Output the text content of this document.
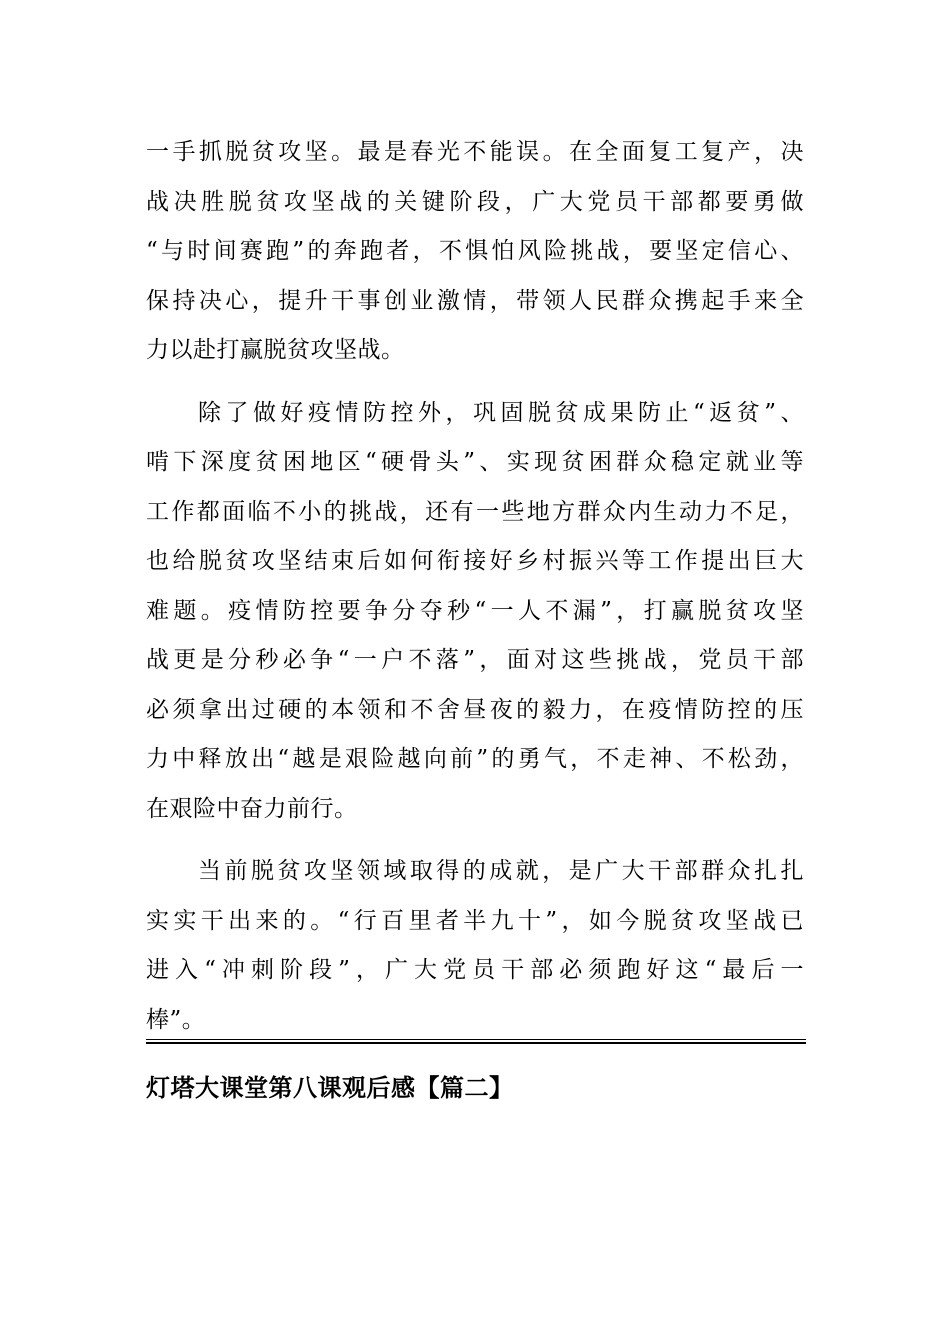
一手抓脱贫攻坚。最是春光不能误。在全面复工复产，决
战决胜脱贫攻坚战的关键阶段，广大党员干部都要勇做
“与时间赛跑”的奔跑者，不惧怕风险挑战，要坚定信心、
保持决心，提升干事创业激情，带领人民群众携起手来全
力以赴打赢脱贫攻坚战。
除了做好疫情防控外，巩固脱贫成果防止“返贫”、
啃下深度贫困地区“硬骨头”、实现贫困群众稳定就业等
工作都面临不小的挑战，还有一些地方群众内生动力不足，
也给脱贫攻坚结束后如何衔接好乡村振兴等工作提出巨大
难题。疫情防控要争分夺秒“一人不漏”，打赢脱贫攻坚
战更是分秒必争“一户不落”，面对这些挑战，党员干部
必须拿出过硬的本领和不舍昼夜的毅力，在疫情防控的压
力中释放出“越是艰险越向前”的勇气，不走神、不松劲，
在艰险中奋力前行。
当前脱贫攻坚领域取得的成就，是广大干部群众扎扎
实实干出来的。“行百里者半九十”，如今脱贫攻坚战已
进入“冲刺阶段”，广大党员干部必须跑好这“最后一
棒”。
灯塔大课堂第八课观后感【篇二】
